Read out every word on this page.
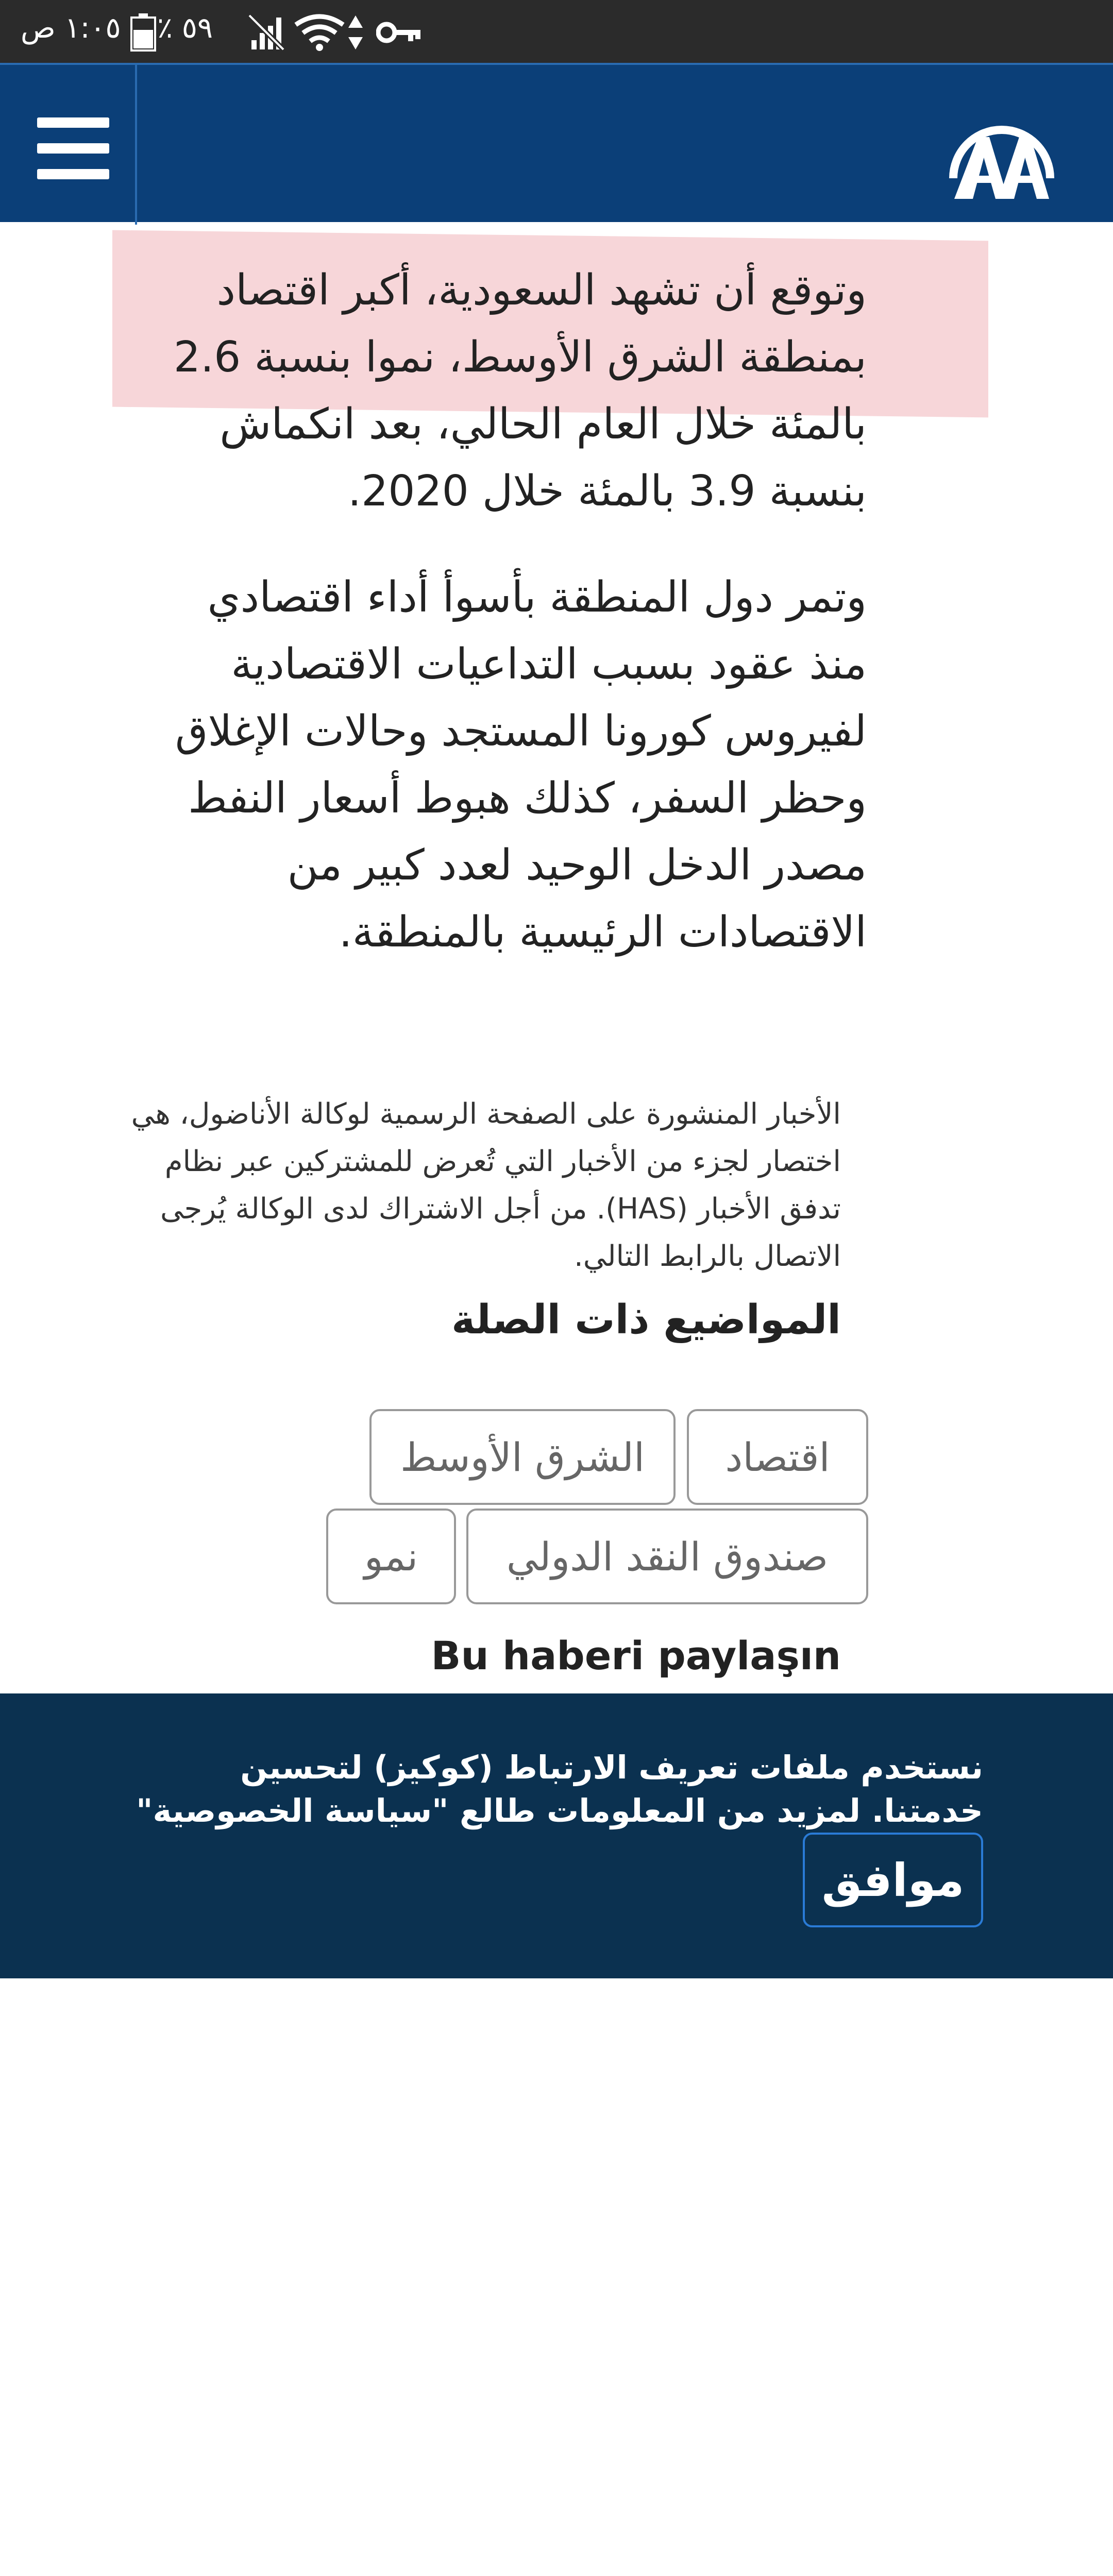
١:٠٥ ص ٥٩ ٪

وتوقع أن تشهد السعودية، أكبر اقتصاد بمنطقة الشرق الأوسط، نموا بنسبة 2.6 بالمئة خلال العام الحالي، بعد انكماش بنسبة 3.9 بالمئة خلال 2020.

وتمر دول المنطقة بأسوأ أداء اقتصادي منذ عقود بسبب التداعيات الاقتصادية لفيروس كورونا المستجد وحالات الإغلاق وحظر السفر، كذلك هبوط أسعار النفط مصدر الدخل الوحيد لعدد كبير من الاقتصادات الرئيسية بالمنطقة.

الأخبار المنشورة على الصفحة الرسمية لوكالة الأناضول، هي اختصار لجزء من الأخبار التي تُعرض للمشتركين عبر نظام تدفق الأخبار (HAS). من أجل الاشتراك لدى الوكالة يُرجى الاتصال بالرابط التالي.

المواضيع ذات الصلة
اقتصاد
الشرق الأوسط
صندوق النقد الدولي
نمو
Bu haberi paylaşın

نستخدم ملفات تعريف الارتباط (كوكيز) لتحسين خدمتنا. لمزيد من المعلومات طالع "سياسة الخصوصية"

موافق
